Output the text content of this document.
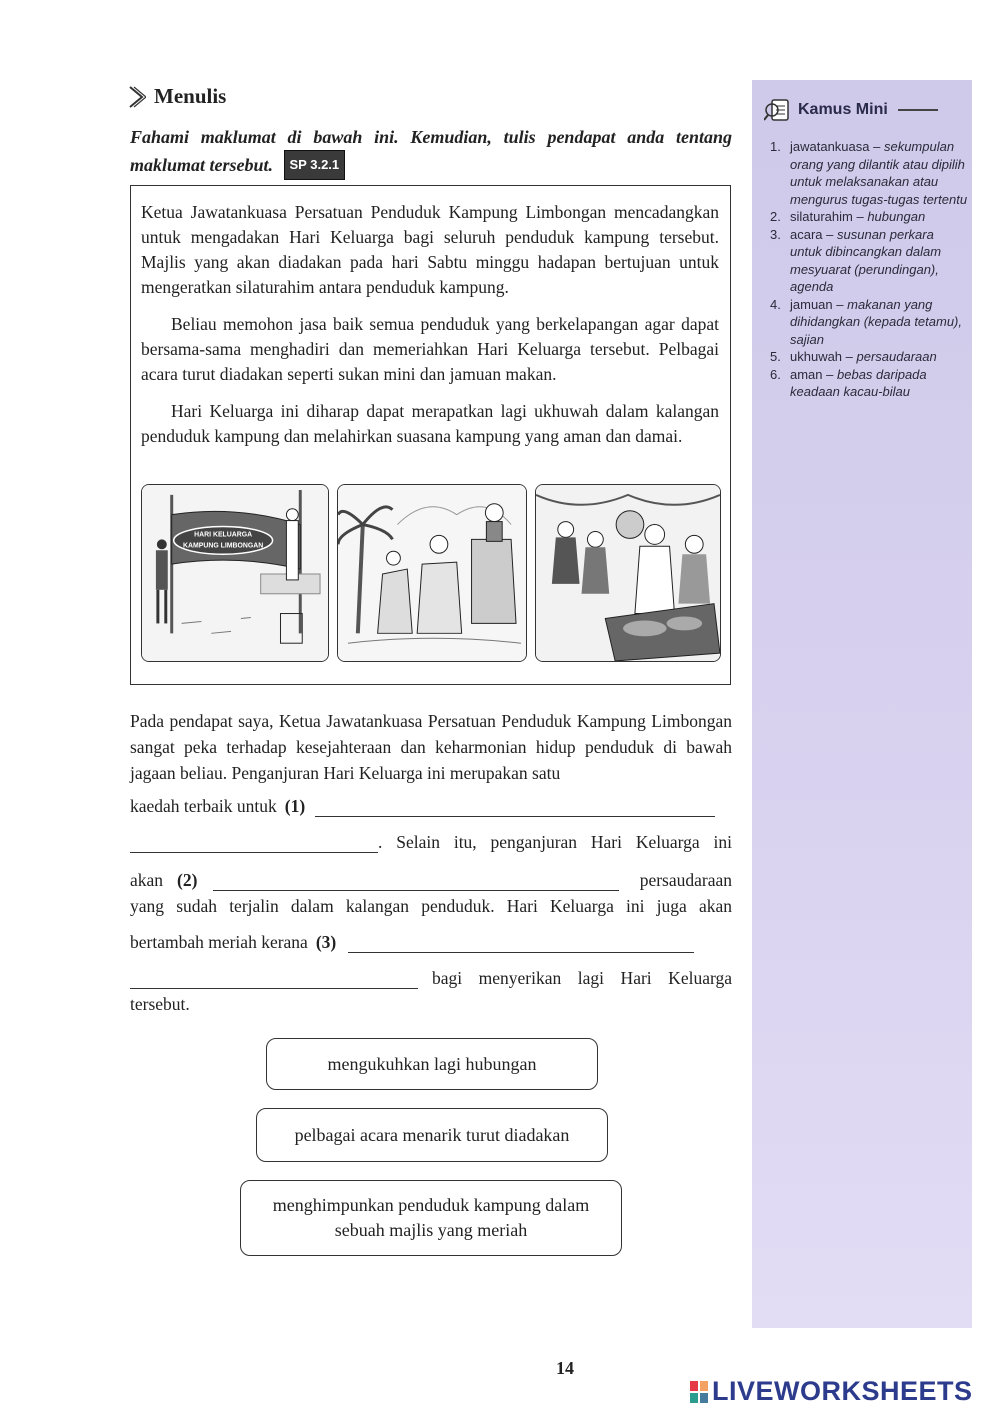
Menulis
Fahami maklumat di bawah ini. Kemudian, tulis pendapat anda tentang maklumat tersebut. SP 3.2.1

Ketua Jawatankuasa Persatuan Penduduk Kampung Limbongan mencadangkan untuk mengadakan Hari Keluarga bagi seluruh penduduk kampung tersebut. Majlis yang akan diadakan pada hari Sabtu minggu hadapan bertujuan untuk mengeratkan silaturahim antara penduduk kampung.

Beliau memohon jasa baik semua penduduk yang berkelapangan agar dapat bersama-sama menghadiri dan memeriahkan Hari Keluarga tersebut. Pelbagai acara turut diadakan seperti sukan mini dan jamuan makan.

Hari Keluarga ini diharap dapat merapatkan lagi ukhuwah dalam kalangan penduduk kampung dan melahirkan suasana kampung yang aman dan damai.

HARI KELUARGA
KAMPUNG LIMBONGAN
Pada pendapat saya, Ketua Jawatankuasa Persatuan Penduduk Kampung Limbongan sangat peka terhadap kesejahteraan dan keharmonian hidup penduduk di bawah jagaan beliau. Penganjuran Hari Keluarga ini merupakan satu
kaedah terbaik untuk (1)
. Selain itu, penganjuran Hari Keluarga ini
akan (2)	persaudaraan
yang sudah terjalin dalam kalangan penduduk. Hari Keluarga ini juga akan
bertambah meriah kerana (3)
bagi menyerikan lagi Hari Keluarga
tersebut.
mengukuhkan lagi hubungan
pelbagai acara menarik turut diadakan
menghimpunkan penduduk kampung dalam
sebuah majlis yang meriah
Kamus Mini
1. jawatankuasa – sekumpulan orang yang dilantik atau dipilih untuk melaksanakan atau mengurus tugas-tugas tertentu
2. silaturahim – hubungan
3. acara – susunan perkara untuk dibincangkan dalam mesyuarat (perundingan), agenda
4. jamuan – makanan yang dihidangkan (kepada tetamu), sajian
5. ukhuwah – persaudaraan
6. aman – bebas daripada keadaan kacau-bilau
14
LIVEWORKSHEETS
